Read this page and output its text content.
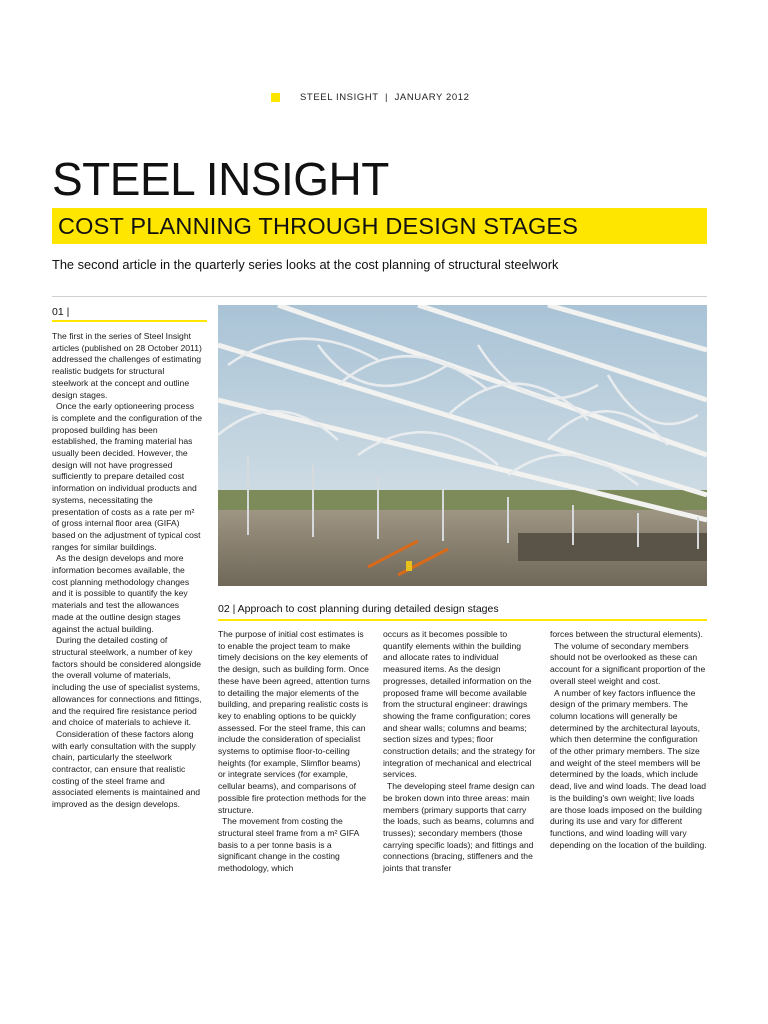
STEEL INSIGHT  |  JANUARY 2012
STEEL INSIGHT
COST PLANNING THROUGH DESIGN STAGES
The second article in the quarterly series looks at the cost planning of structural steelwork
01 |
02 | Approach to cost planning during detailed design stages

The first in the series of Steel Insight articles (published on 28 October 2011) addressed the challenges of estimating realistic budgets for structural steelwork at the concept and outline design stages.

Once the early optioneering process is complete and the configuration of the proposed building has been established, the framing material has usually been decided. However, the design will not have progressed sufficiently to prepare detailed cost information on individual products and systems, necessitating the presentation of costs as a rate per m² of gross internal floor area (GIFA) based on the adjustment of typical cost ranges for similar buildings.

As the design develops and more information becomes available, the cost planning methodology changes and it is possible to quantify the key materials and test the allowances made at the outline design stages against the actual building.

During the detailed costing of structural steelwork, a number of key factors should be considered alongside the overall volume of materials, including the use of specialist systems, allowances for connections and fittings, and the required fire resistance period and choice of materials to achieve it.

Consideration of these factors along with early consultation with the supply chain, particularly the steelwork contractor, can ensure that realistic costing of the steel frame and associated elements is maintained and improved as the design develops.

The purpose of initial cost estimates is to enable the project team to make timely decisions on the key elements of the design, such as building form. Once these have been agreed, attention turns to detailing the major elements of the building, and preparing realistic costs is key to enabling options to be quickly assessed. For the steel frame, this can include the consideration of specialist systems to optimise floor-to-ceiling heights (for example, Slimflor beams) or integrate services (for example, cellular beams), and comparisons of possible fire protection methods for the structure.

The movement from costing the structural steel frame from a m² GIFA basis to a per tonne basis is a significant change in the costing methodology, which

occurs as it becomes possible to quantify elements within the building and allocate rates to individual measured items. As the design progresses, detailed information on the proposed frame will become available from the structural engineer: drawings showing the frame configuration; cores and shear walls; columns and beams; section sizes and types; floor construction details; and the strategy for integration of mechanical and electrical services.

The developing steel frame design can be broken down into three areas: main members (primary supports that carry the loads, such as beams, columns and trusses); secondary members (those carrying specific loads); and fittings and connections (bracing, stiffeners and the joints that transfer

forces between the structural elements).

The volume of secondary members should not be overlooked as these can account for a significant proportion of the overall steel weight and cost.

A number of key factors influence the design of the primary members. The column locations will generally be determined by the architectural layouts, which then determine the configuration of the other primary members. The size and weight of the steel members will be determined by the loads, which include dead, live and wind loads. The dead load is the building's own weight; live loads are those loads imposed on the building during its use and vary for different functions, and wind loading will vary depending on the location of the building.
